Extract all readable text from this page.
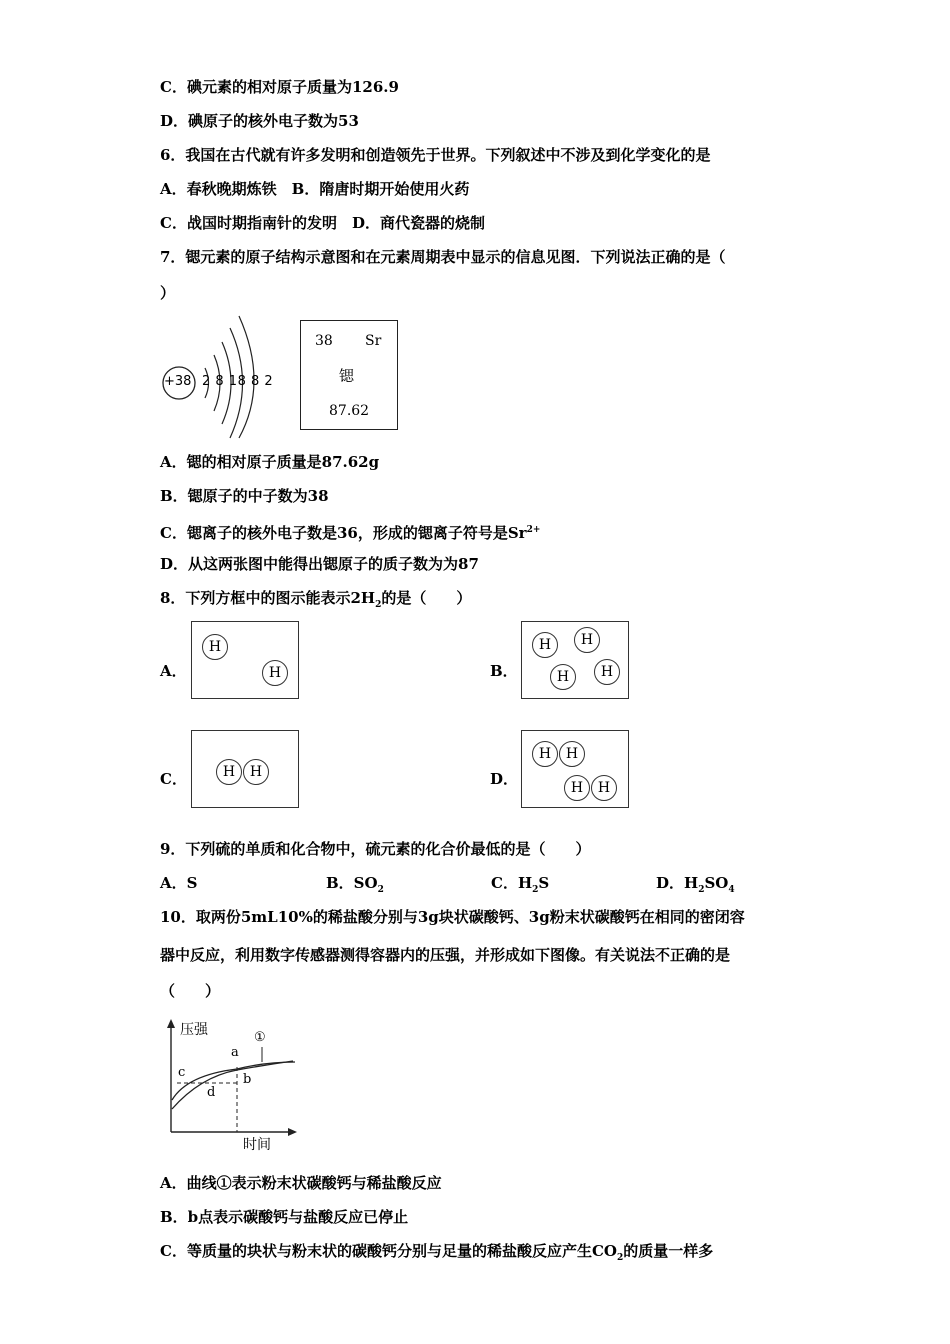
C．碘元素的相对原子质量为126.9
D．碘原子的核外电子数为53
6．我国在古代就有许多发明和创造领先于世界。下列叙述中不涉及到化学变化的是
A．春秋晚期炼铁　B．隋唐时期开始使用火药
C．战国时期指南针的发明　D．商代瓷器的烧制
7．锶元素的原子结构示意图和在元素周期表中显示的信息见图．下列说法正确的是（
）
+38 2 8 18 8 2
38 Sr
锶
87.62
A．锶的相对原子质量是87.62g
B．锶原子的中子数为38
C．锶离子的核外电子数是36，形成的锶离子符号是$Sr^{2+}$
D．从这两张图中能得出锶原子的质子数为为87
8．下列方框中的图示能表示$2H_2$的是（　　）
A．
H
H	B．
H	H
H	H
C．	H	H	D．
H	H
H	H
9．下列硫的单质和化合物中，硫元素的化合价最低的是（　　）
A．S	B．$SO_2$	C．$H_2S$	D．$H_2SO_4$
10．取两份5mL10%的稀盐酸分别与3g块状碳酸钙、3g粉末状碳酸钙在相同的密闭容
器中反应，利用数字传感器测得容器内的压强，并形成如下图像。有关说法不正确的是
（　　）
压强
时间
①
a
b
c
d
A．曲线①表示粉末状碳酸钙与稀盐酸反应
B．b点表示碳酸钙与盐酸反应已停止
C．等质量的块状与粉末状的碳酸钙分别与足量的稀盐酸反应产生$CO_2$的质量一样多
